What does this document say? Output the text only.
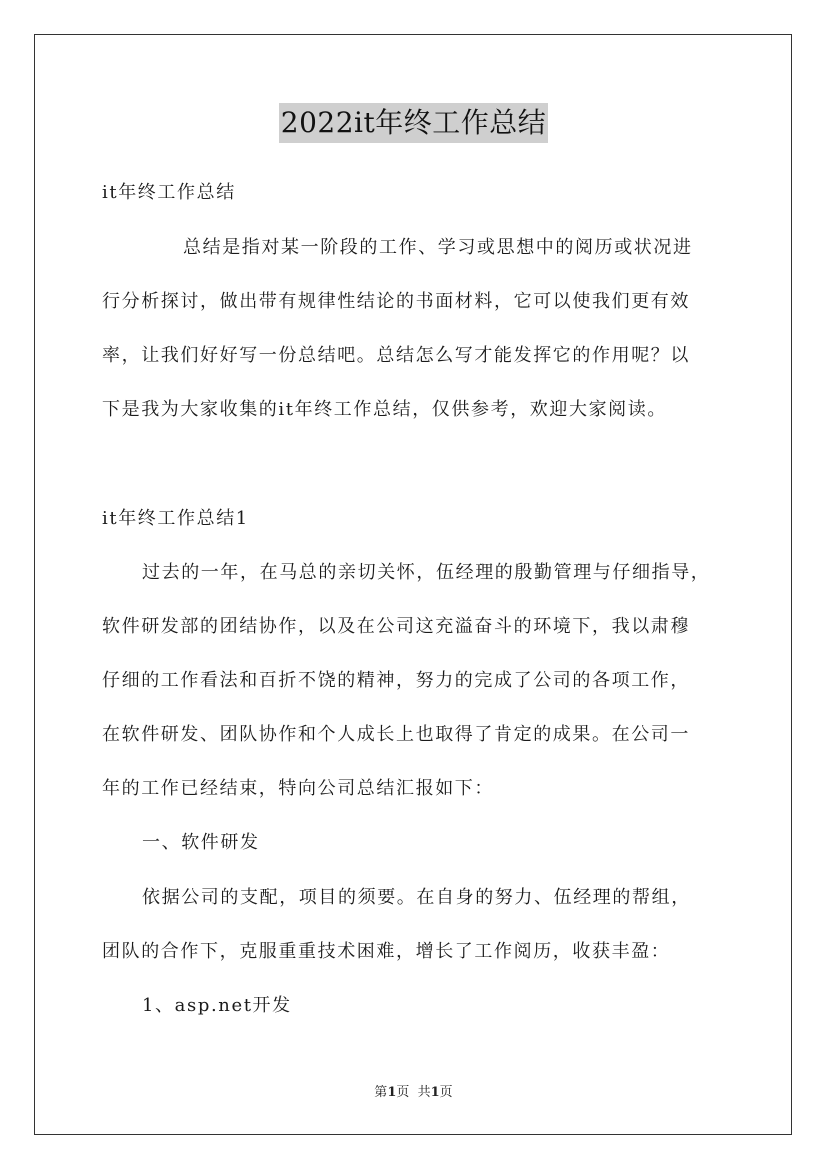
2022it年终工作总结
it年终工作总结
总结是指对某一阶段的工作、学习或思想中的阅历或状况进
行分析探讨，做出带有规律性结论的书面材料，它可以使我们更有效
率，让我们好好写一份总结吧。总结怎么写才能发挥它的作用呢？以
下是我为大家收集的it年终工作总结，仅供参考，欢迎大家阅读。
it年终工作总结1
过去的一年，在马总的亲切关怀，伍经理的殷勤管理与仔细指导，
软件研发部的团结协作，以及在公司这充溢奋斗的环境下，我以肃穆
仔细的工作看法和百折不饶的精神，努力的完成了公司的各项工作，
在软件研发、团队协作和个人成长上也取得了肯定的成果。在公司一
年的工作已经结束，特向公司总结汇报如下：
一、软件研发
依据公司的支配，项目的须要。在自身的努力、伍经理的帮组，
团队的合作下，克服重重技术困难，增长了工作阅历，收获丰盈：
1、asp.net开发
第1页  共1页
